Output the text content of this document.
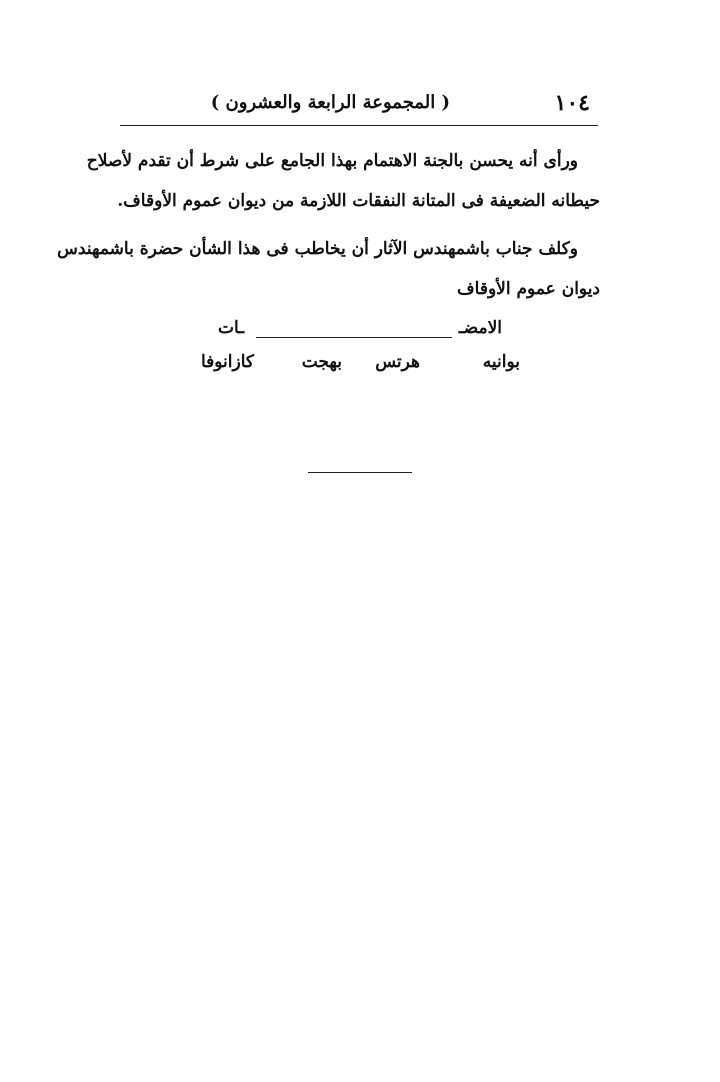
١٠٤
( المجموعة الرابعة والعشرون )
ورأى أنه يحسن بالجنة الاهتمام بهذا الجامع على شرط أن تقدم لأصلاح
حيطانه الضعيفة فى المتانة النفقات اللازمة من ديوان عموم الأوقاف.
وكلف جناب باشمهندس الآثار أن يخاطب فى هذا الشأن حضرة باشمهندس
ديوان عموم الأوقاف
الامضـ
ـات
بوانيه
هرتس
بهجت
كازانوفا
